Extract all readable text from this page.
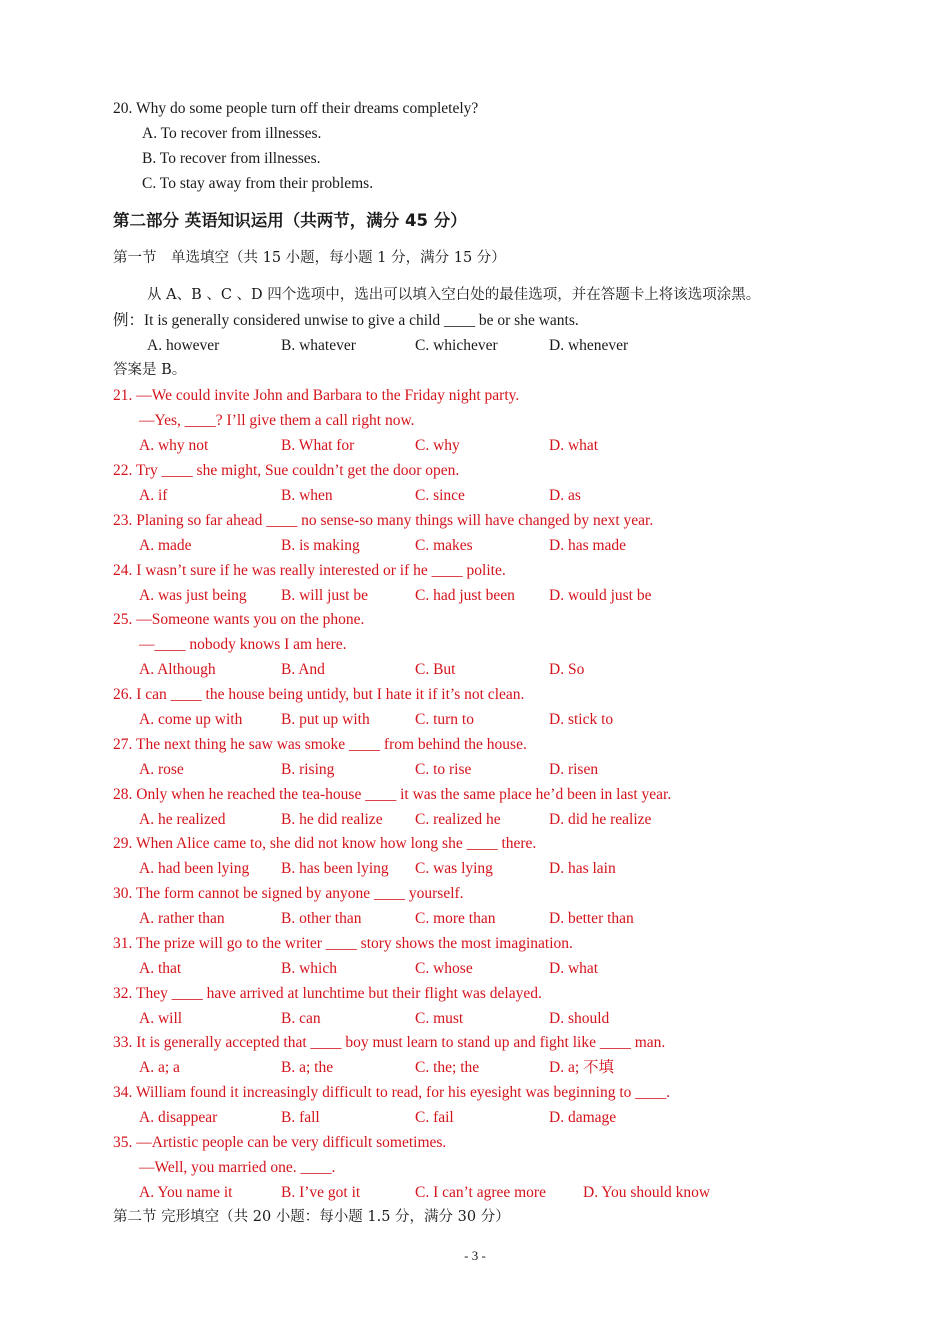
20. Why do some people turn off their dreams completely?
A. To recover from illnesses.
B. To recover from illnesses.
C. To stay away from their problems.
第二部分 英语知识运用（共两节，满分 45 分）
第一节　单选填空（共 15 小题，每小题 1 分，满分 15 分）
从 A、B 、C 、D 四个选项中，选出可以填入空白处的最佳选项，并在答题卡上将该选项涂黑。
例：It is generally considered unwise to give a child ____ be or she wants.
A. however	B. whatever	C. whichever	D. whenever
答案是 B。
21. —We could invite John and Barbara to the Friday night party.
—Yes, ____? I’ll give them a call right now.
A. why not	B. What for	C. why	D. what
22. Try ____ she might, Sue couldn’t get the door open.
A. if	B. when	C. since	D. as
23. Planing so far ahead ____ no sense-so many things will have changed by next year.
A. made	B. is making	C. makes	D. has made
24. I wasn’t sure if he was really interested or if he ____ polite.
A. was just being B. will just be	C. had just been D. would just be
25. —Someone wants you on the phone.
—____ nobody knows I am here.
A. Although	B. And	C. But	D. So
26. I can ____ the house being untidy, but I hate it if it’s not clean.
A. come up with B. put up with	C. turn to	D. stick to
27. The next thing he saw was smoke ____ from behind the house.
A. rose	B. rising	C. to rise	D. risen
28. Only when he reached the tea-house ____ it was the same place he’d been in last year.
A. he realized	B. he did realize C. realized he	D. did he realize
29. When Alice came to, she did not know how long she ____ there.
A. had been lying B. has been lying C. was lying	D. has lain
30. The form cannot be signed by anyone ____ yourself.
A. rather than	B. other than	C. more than	D. better than
31. The prize will go to the writer ____ story shows the most imagination.
A. that	B. which	C. whose	D. what
32. They ____ have arrived at lunchtime but their flight was delayed.
A. will	B. can	C. must	D. should
33. It is generally accepted that ____ boy must learn to stand up and fight like ____ man.
A. a; a	B. a; the	C. the; the	D. a; 不填
34. William found it increasingly difficult to read, for his eyesight was beginning to ____.
A. disappear	B. fall	C. fail	D. damage
35. —Artistic people can be very difficult sometimes.
—Well, you married one. ____.
A. You name it	B. I’ve got it	C. I can’t agree more D. You should know
第二节 完形填空（共 20 小题：每小题 1.5 分，满分 30 分）
- 3 -
